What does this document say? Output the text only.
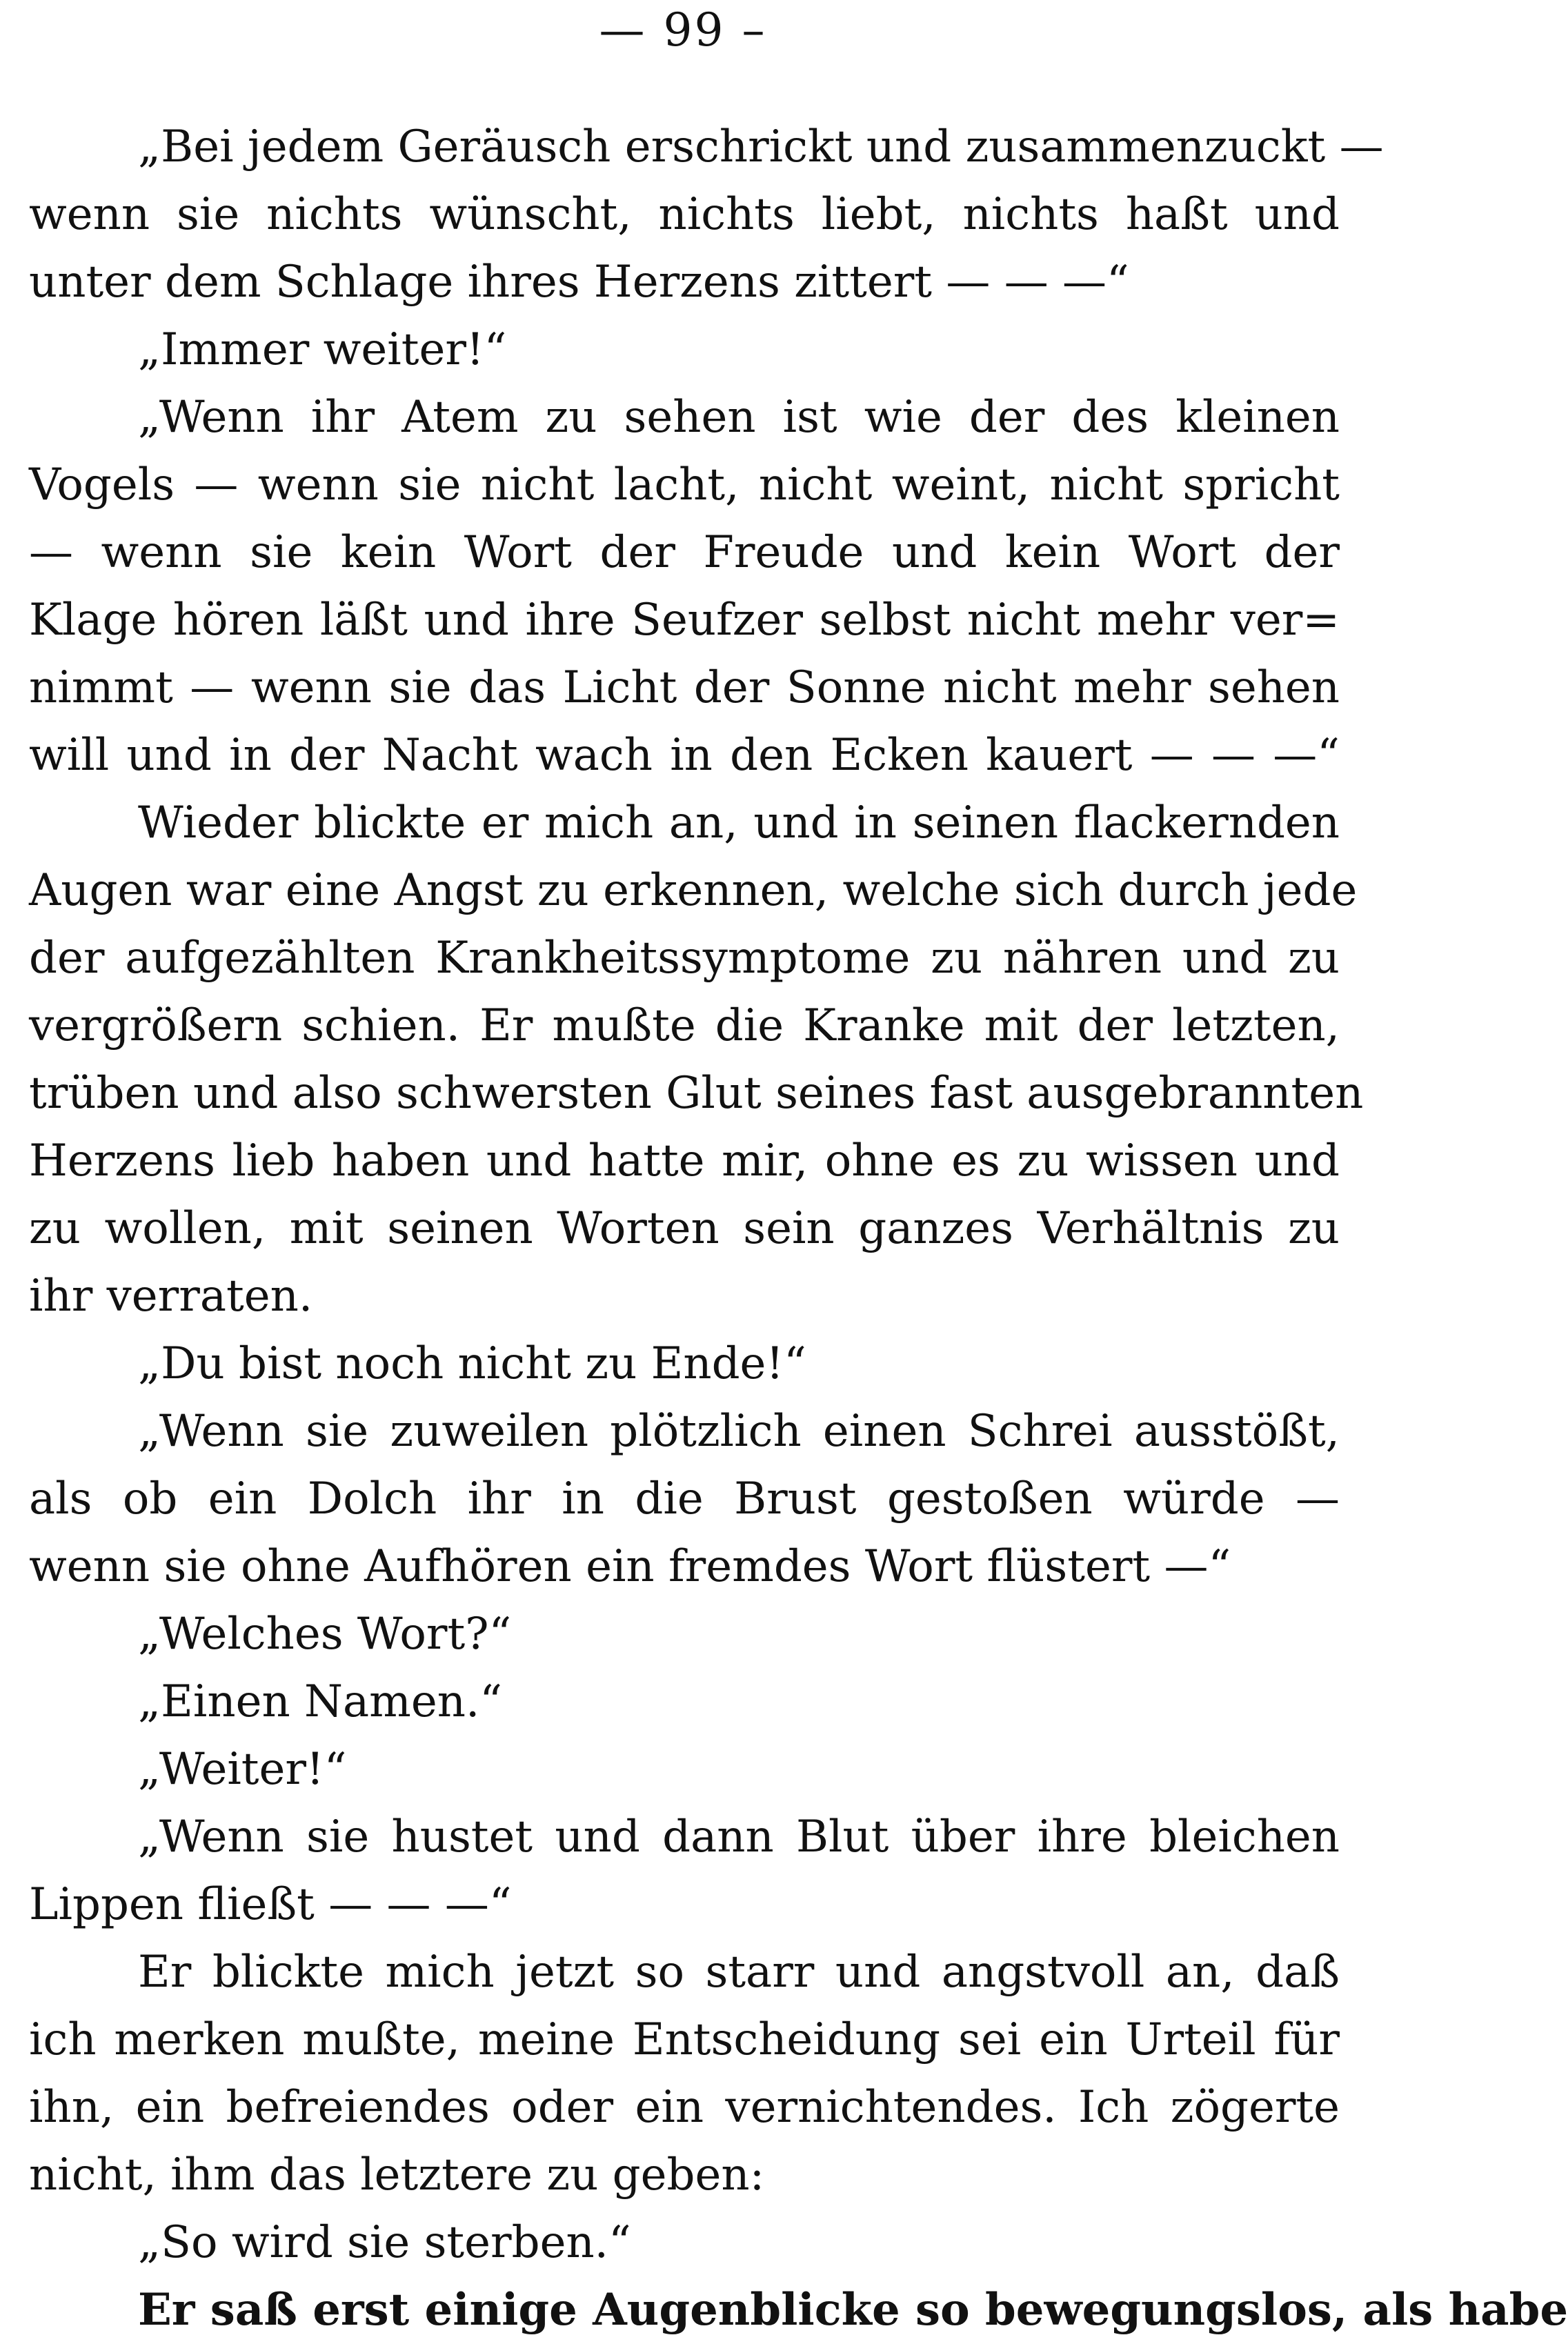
— 99 –
„Bei jedem Geräusch erschrickt und zusammenzuckt —
wenn sie nichts wünscht, nichts liebt, nichts haßt und
unter dem Schlage ihres Herzens zittert — — —“
„Immer weiter!“
„Wenn ihr Atem zu sehen ist wie der des kleinen
Vogels — wenn sie nicht lacht, nicht weint, nicht spricht
— wenn sie kein Wort der Freude und kein Wort der
Klage hören läßt und ihre Seufzer selbst nicht mehr ver=
nimmt — wenn sie das Licht der Sonne nicht mehr sehen
will und in der Nacht wach in den Ecken kauert — — —“
Wieder blickte er mich an, und in seinen flackernden
Augen war eine Angst zu erkennen, welche sich durch jede
der aufgezählten Krankheitssymptome zu nähren und zu
vergrößern schien. Er mußte die Kranke mit der letzten,
trüben und also schwersten Glut seines fast ausgebrannten
Herzens lieb haben und hatte mir, ohne es zu wissen und
zu wollen, mit seinen Worten sein ganzes Verhältnis zu
ihr verraten.
„Du bist noch nicht zu Ende!“
„Wenn sie zuweilen plötzlich einen Schrei ausstößt,
als ob ein Dolch ihr in die Brust gestoßen würde —
wenn sie ohne Aufhören ein fremdes Wort flüstert —“
„Welches Wort?“
„Einen Namen.“
„Weiter!“
„Wenn sie hustet und dann Blut über ihre bleichen
Lippen fließt — — —“
Er blickte mich jetzt so starr und angstvoll an, daß
ich merken mußte, meine Entscheidung sei ein Urteil für
ihn, ein befreiendes oder ein vernichtendes. Ich zögerte
nicht, ihm das letztere zu geben:
„So wird sie sterben.“
Er saß erst einige Augenblicke so bewegungslos, als habe
